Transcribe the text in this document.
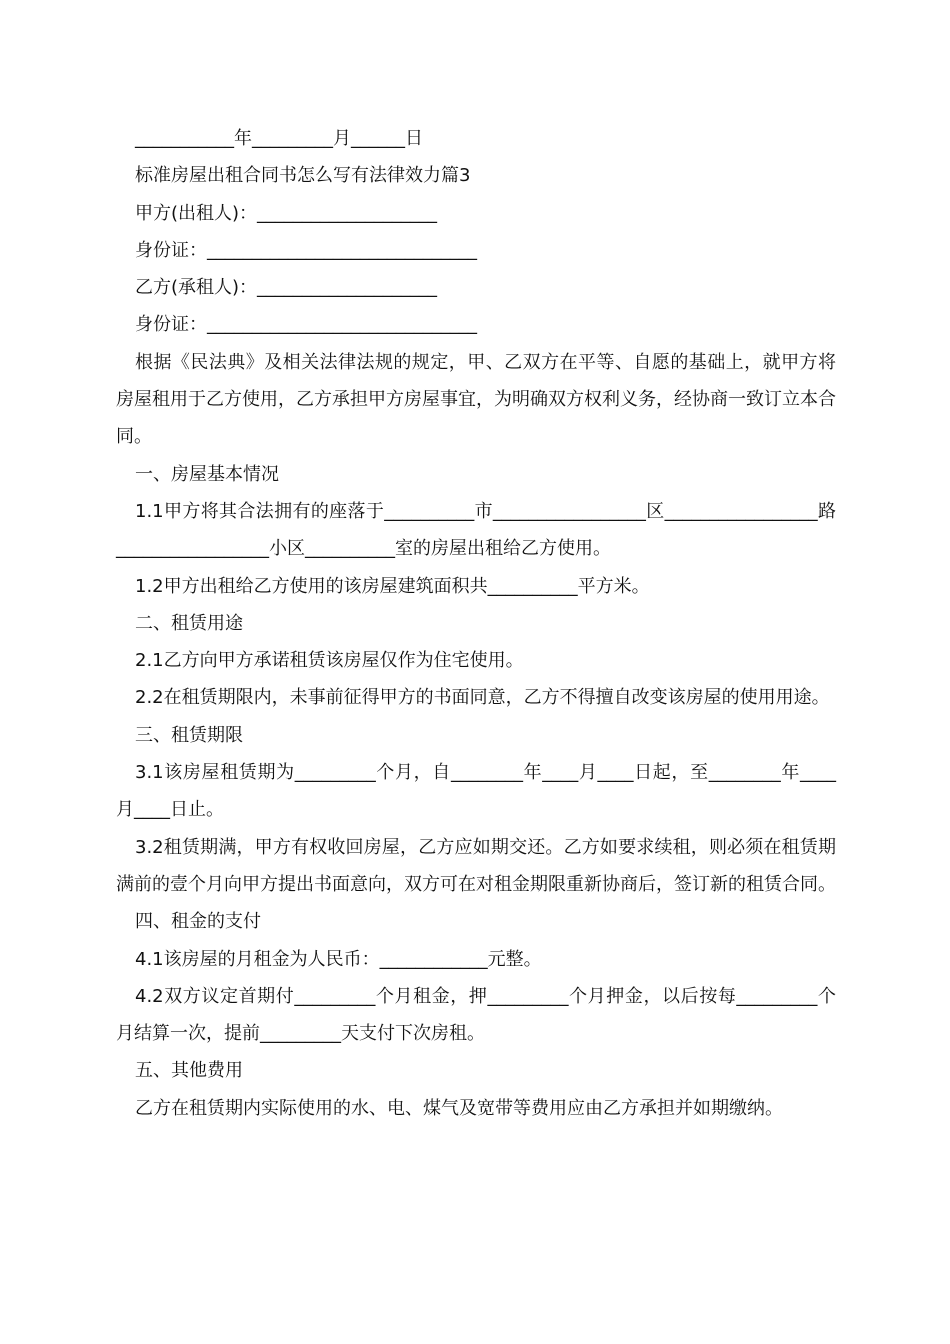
___________年_________月______日

标准房屋出租合同书怎么写有法律效力篇3

甲方(出租人)：____________________

身份证：______________________________

乙方(承租人)：____________________

身份证：______________________________

根据《民法典》及相关法律法规的规定，甲、乙双方在平等、自愿的基础上，就甲方将房屋租用于乙方使用，乙方承担甲方房屋事宜，为明确双方权利义务，经协商一致订立本合同。

一、房屋基本情况

1.1甲方将其合法拥有的座落于__________市_________________区_________________路_________________小区__________室的房屋出租给乙方使用。

1.2甲方出租给乙方使用的该房屋建筑面积共__________平方米。

二、租赁用途

2.1乙方向甲方承诺租赁该房屋仅作为住宅使用。

2.2在租赁期限内，未事前征得甲方的书面同意，乙方不得擅自改变该房屋的使用用途。

三、租赁期限

3.1该房屋租赁期为_________个月，自________年____月____日起，至________年____月____日止。

3.2租赁期满，甲方有权收回房屋，乙方应如期交还。乙方如要求续租，则必须在租赁期满前的壹个月向甲方提出书面意向，双方可在对租金期限重新协商后，签订新的租赁合同。

四、租金的支付

4.1该房屋的月租金为人民币：____________元整。

4.2双方议定首期付_________个月租金，押_________个月押金，以后按每_________个月结算一次，提前_________天支付下次房租。

五、其他费用

乙方在租赁期内实际使用的水、电、煤气及宽带等费用应由乙方承担并如期缴纳。
